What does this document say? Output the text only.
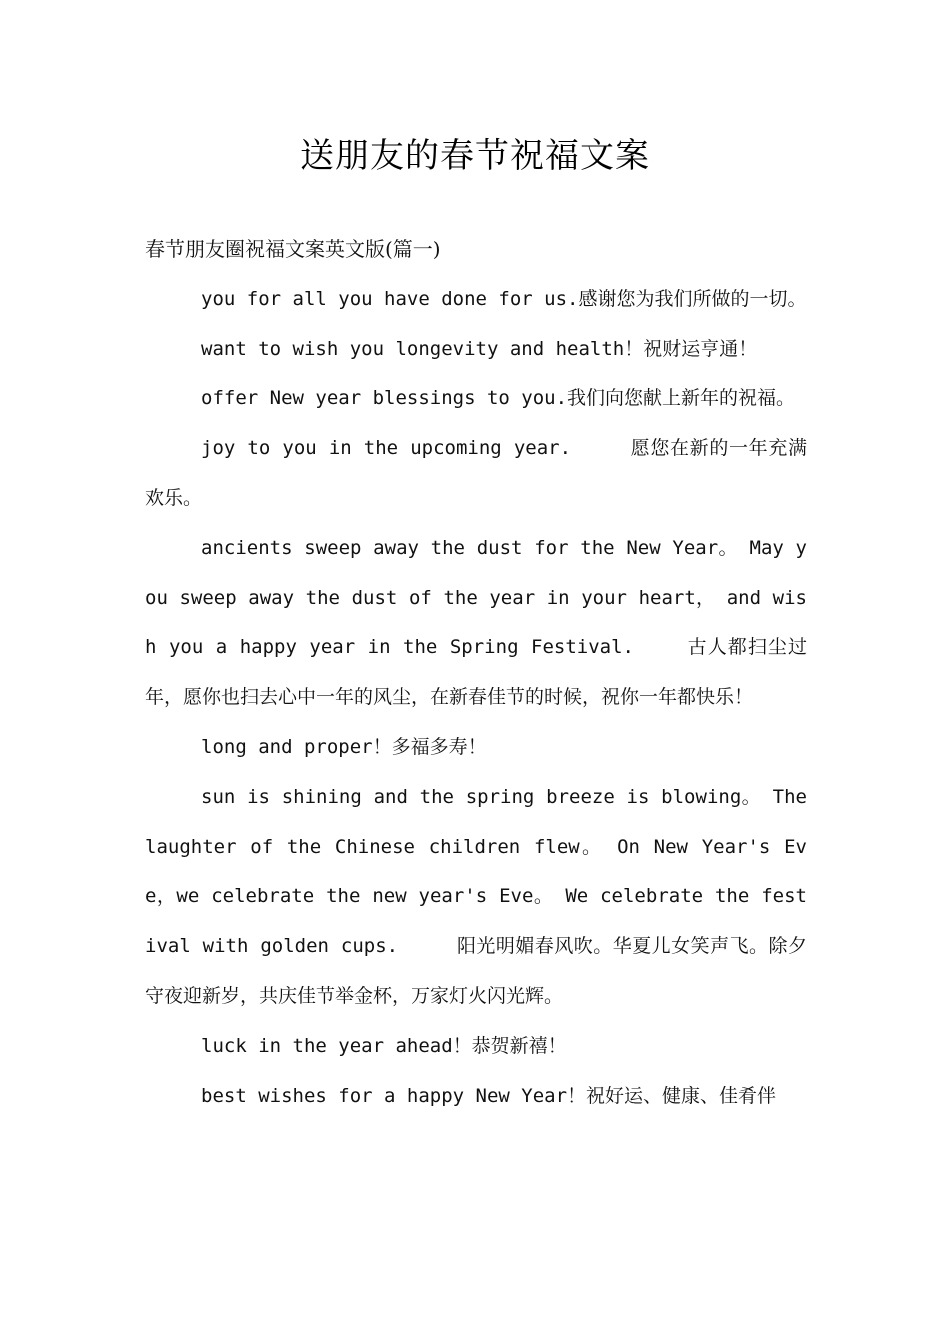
送朋友的春节祝福文案

春节朋友圈祝福文案英文版(篇一)

you for all you have done for us.感谢您为我们所做的一切。

want to wish you longevity and health！祝财运亨通！

offer New year blessings to you.我们向您献上新年的祝福。

joy to you in the upcoming year.　　　愿您在新的一年充满欢乐。

ancients sweep away the dust for the New Year。 May you sweep away the dust of the year in your heart， and wish you a happy year in the Spring Festival.　　 古人都扫尘过年，愿你也扫去心中一年的风尘，在新春佳节的时候，祝你一年都快乐！

long and proper！多福多寿！

sun is shining and the spring breeze is blowing。 The laughter of the Chinese children flew。 On New Year's Eve，we celebrate the new year's Eve。 We celebrate the festival with golden cups.　　　阳光明媚春风吹。华夏儿女笑声飞。除夕守夜迎新岁，共庆佳节举金杯，万家灯火闪光辉。

luck in the year ahead！恭贺新禧！

best wishes for a happy New Year！祝好运、健康、佳肴伴
